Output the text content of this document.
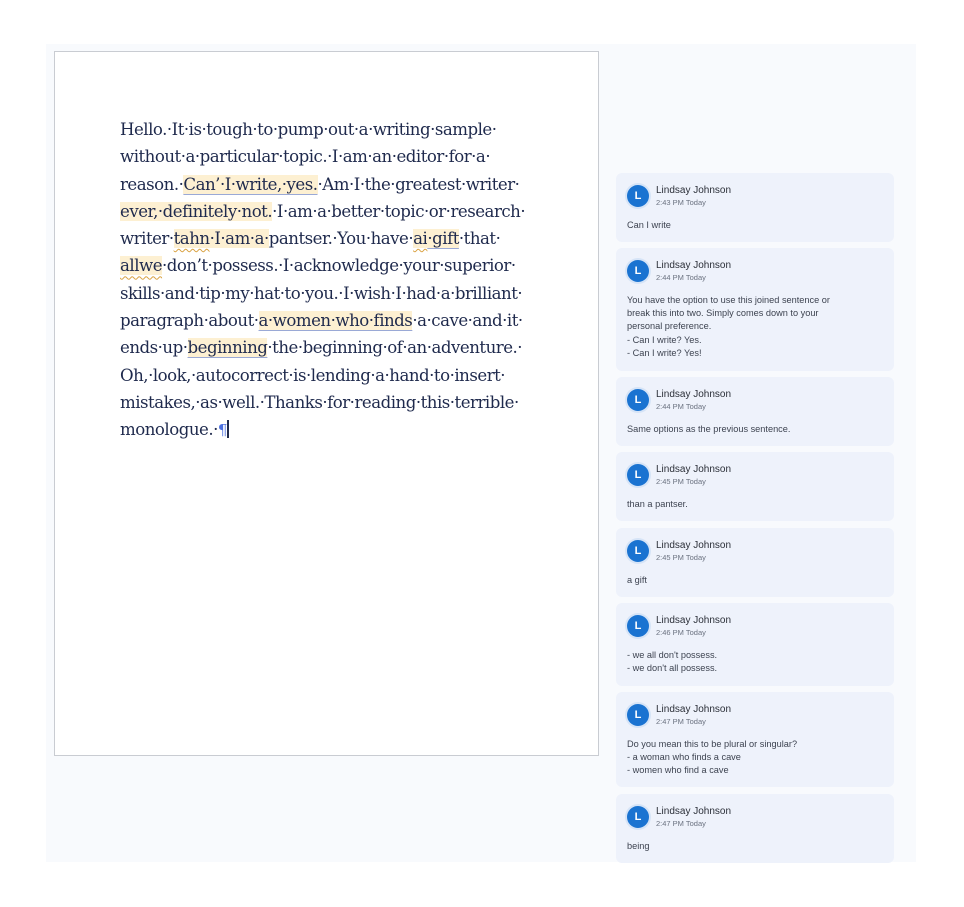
Hello.·It·is·tough·to·pump·out·a·writing·sample·
without·a·particular·topic.·I·am·an·editor·for·a·
reason.·Can’·I·write,·yes.·Am·I·the·greatest·writer·
ever,·definitely·not.·I·am·a·better·topic·or·research·
writer·tahn·I·am·a·pantser.·You·have·ai·gift·that·
allwe·don’t·possess.·I·acknowledge·your·superior·
skills·and·tip·my·hat·to·you.·I·wish·I·had·a·brilliant·
paragraph·about·a·women·who·finds·a·cave·and·it·
ends·up·beginning·the·beginning·of·an·adventure.·
Oh,·look,·autocorrect·is·lending·a·hand·to·insert·
mistakes,·as·well.·Thanks·for·reading·this·terrible·
monologue.·¶
L	Lindsay Johnson
2:43 PM Today
Can I write
L	Lindsay Johnson
2:44 PM Today
You have the option to use this joined sentence or
break this into two. Simply comes down to your
personal preference.
- Can I write? Yes.
- Can I write? Yes!
L	Lindsay Johnson
2:44 PM Today
Same options as the previous sentence.
L	Lindsay Johnson
2:45 PM Today
than a pantser.
L	Lindsay Johnson
2:45 PM Today
a gift
L	Lindsay Johnson
2:46 PM Today
- we all don't possess.
- we don't all possess.
L	Lindsay Johnson
2:47 PM Today
Do you mean this to be plural or singular?
- a woman who finds a cave
- women who find a cave
L	Lindsay Johnson
2:47 PM Today
being
